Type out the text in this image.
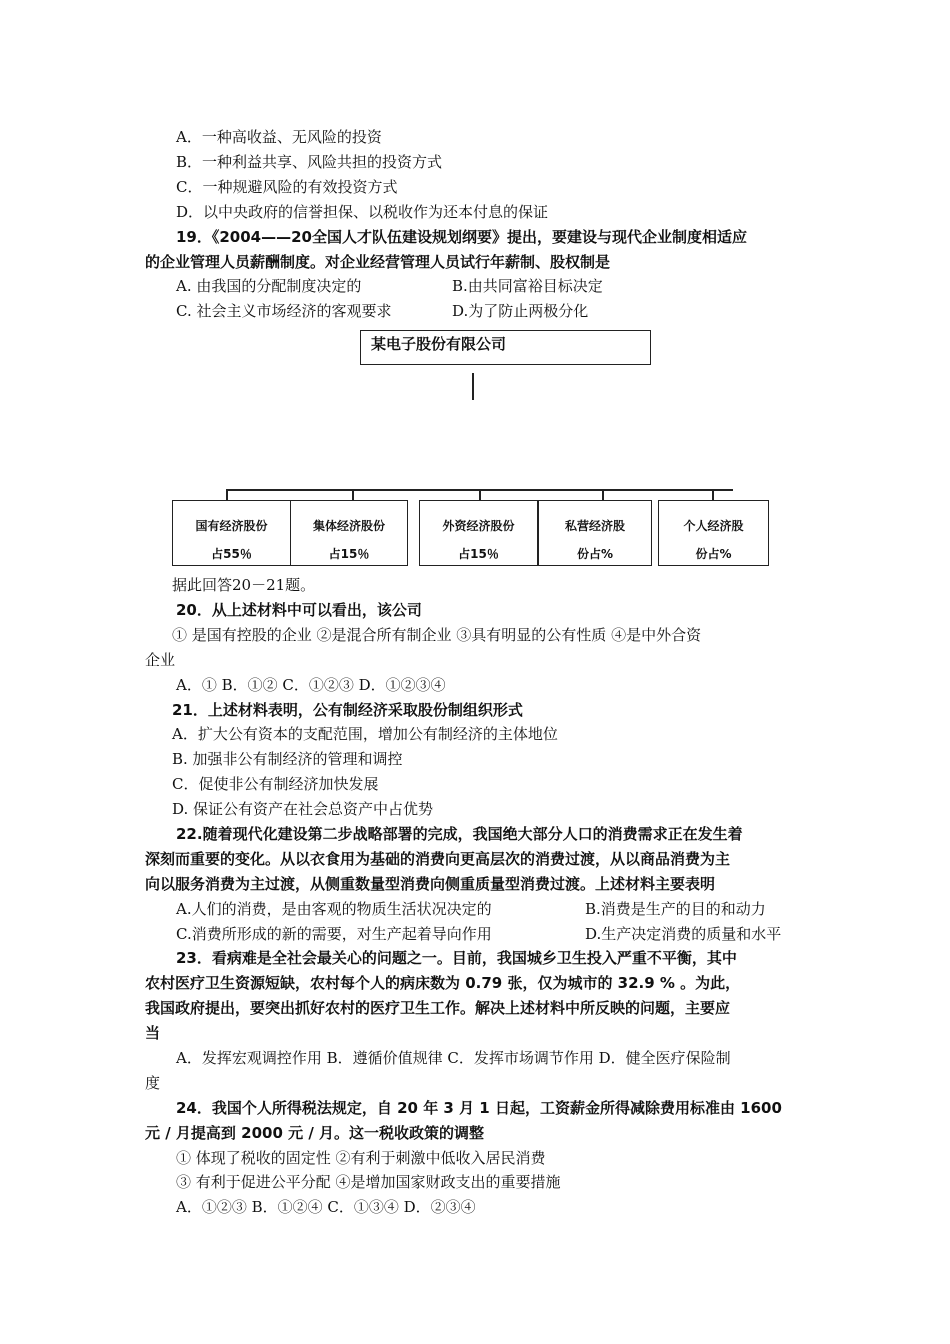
A．一种高收益、无风险的投资
B．一种利益共享、风险共担的投资方式
C．一种规避风险的有效投资方式
D．以中央政府的信誉担保、以税收作为还本付息的保证
19．《2004——20全国人才队伍建设规划纲要》提出，要建设与现代企业制度相适应
的企业管理人员薪酬制度。对企业经营管理人员试行年薪制、股权制是
A. 由我国的分配制度决定的	B.由共同富裕目标决定
C. 社会主义市场经济的客观要求	D.为了防止两极分化
某电子股份有限公司
国有经济股份
占55％
集体经济股份
占15％
外资经济股份
占15％
私营经济股
份占%
个人经济股
份占%
据此回答20－21题。
20．从上述材料中可以看出，该公司
① 是国有控股的企业 ②是混合所有制企业 ③具有明显的公有性质 ④是中外合资
企业
A．① B．①② C．①②③ D．①②③④
21．上述材料表明，公有制经济采取股份制组织形式
A．扩大公有资本的支配范围，增加公有制经济的主体地位
B. 加强非公有制经济的管理和调控
C．促使非公有制经济加快发展
D. 保证公有资产在社会总资产中占优势
22.随着现代化建设第二步战略部署的完成，我国绝大部分人口的消费需求正在发生着
深刻而重要的变化。从以衣食用为基础的消费向更高层次的消费过渡，从以商品消费为主
向以服务消费为主过渡，从侧重数量型消费向侧重质量型消费过渡。上述材料主要表明
A.人们的消费，是由客观的物质生活状况决定的	B.消费是生产的目的和动力
C.消费所形成的新的需要，对生产起着导向作用	D.生产决定消费的质量和水平
23．看病难是全社会最关心的问题之一。目前，我国城乡卫生投入严重不平衡，其中
农村医疗卫生资源短缺，农村每个人的病床数为 0.79 张，仅为城市的 32.9 % 。为此，
我国政府提出，要突出抓好农村的医疗卫生工作。解决上述材料中所反映的问题，主要应
当
A．发挥宏观调控作用 B．遵循价值规律 C．发挥市场调节作用 D．健全医疗保险制
度
24．我国个人所得税法规定，自 20 年 3 月 1 日起，工资薪金所得减除费用标准由 1600
元 / 月提高到 2000 元 / 月。这一税收政策的调整
① 体现了税收的固定性 ②有利于刺激中低收入居民消费
③ 有利于促进公平分配 ④是增加国家财政支出的重要措施
A．①②③ B．①②④ C．①③④ D．②③④
